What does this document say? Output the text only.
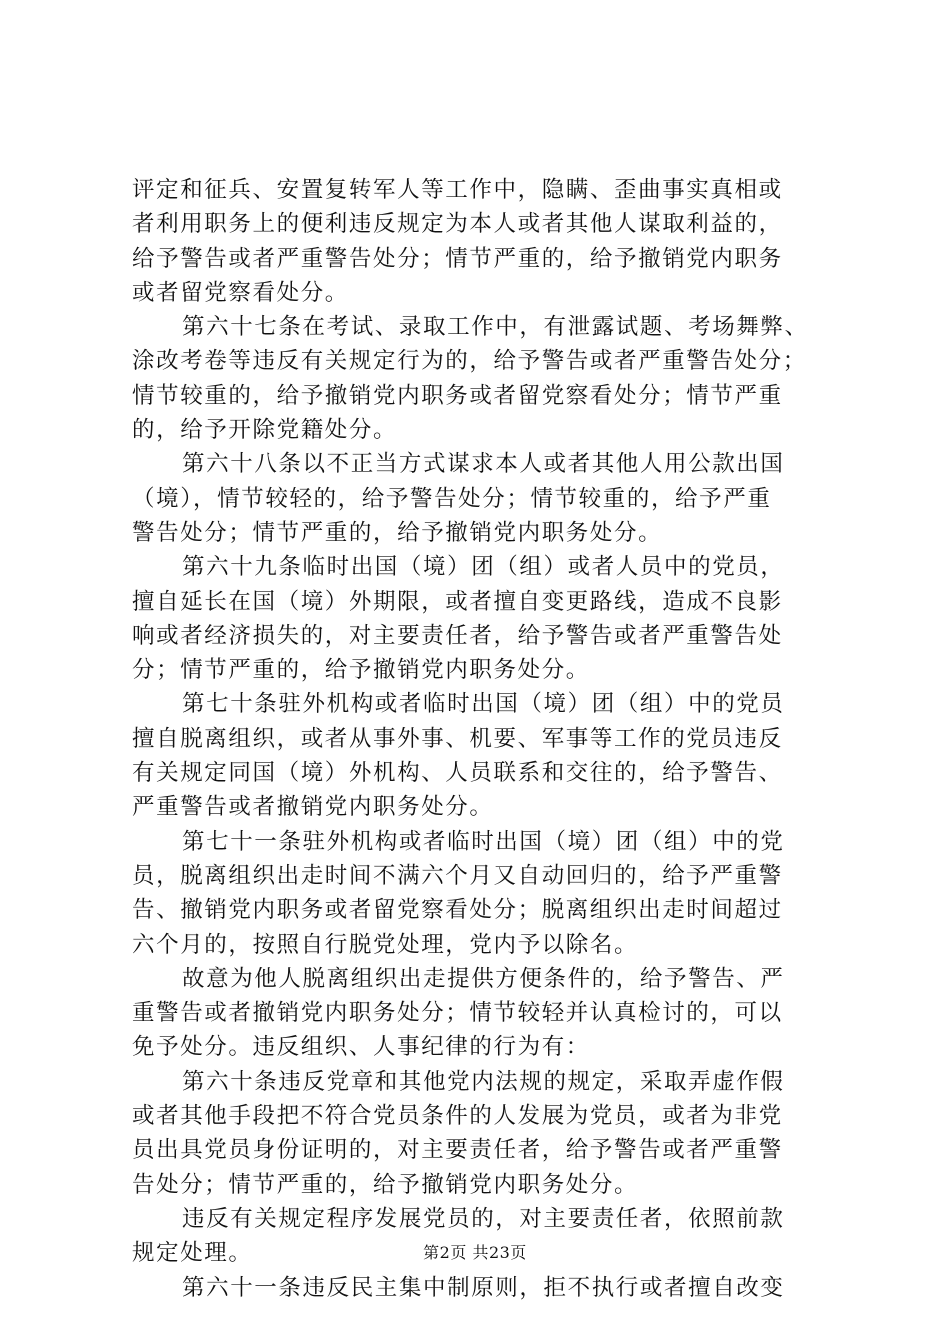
评定和征兵、安置复转军人等工作中，隐瞒、歪曲事实真相或
者利用职务上的便利违反规定为本人或者其他人谋取利益的，
给予警告或者严重警告处分；情节严重的，给予撤销党内职务
或者留党察看处分。
第六十七条在考试、录取工作中，有泄露试题、考场舞弊、
涂改考卷等违反有关规定行为的，给予警告或者严重警告处分；
情节较重的，给予撤销党内职务或者留党察看处分；情节严重
的，给予开除党籍处分。
第六十八条以不正当方式谋求本人或者其他人用公款出国
（境），情节较轻的，给予警告处分；情节较重的，给予严重
警告处分；情节严重的，给予撤销党内职务处分。
第六十九条临时出国（境）团（组）或者人员中的党员，
擅自延长在国（境）外期限，或者擅自变更路线，造成不良影
响或者经济损失的，对主要责任者，给予警告或者严重警告处
分；情节严重的，给予撤销党内职务处分。
第七十条驻外机构或者临时出国（境）团（组）中的党员
擅自脱离组织，或者从事外事、机要、军事等工作的党员违反
有关规定同国（境）外机构、人员联系和交往的，给予警告、
严重警告或者撤销党内职务处分。
第七十一条驻外机构或者临时出国（境）团（组）中的党
员，脱离组织出走时间不满六个月又自动回归的，给予严重警
告、撤销党内职务或者留党察看处分；脱离组织出走时间超过
六个月的，按照自行脱党处理，党内予以除名。
故意为他人脱离组织出走提供方便条件的，给予警告、严
重警告或者撤销党内职务处分；情节较轻并认真检讨的，可以
免予处分。违反组织、人事纪律的行为有：
第六十条违反党章和其他党内法规的规定，采取弄虚作假
或者其他手段把不符合党员条件的人发展为党员，或者为非党
员出具党员身份证明的，对主要责任者，给予警告或者严重警
告处分；情节严重的，给予撤销党内职务处分。
违反有关规定程序发展党员的，对主要责任者，依照前款
规定处理。
第六十一条违反民主集中制原则，拒不执行或者擅自改变
第2页 共23页
